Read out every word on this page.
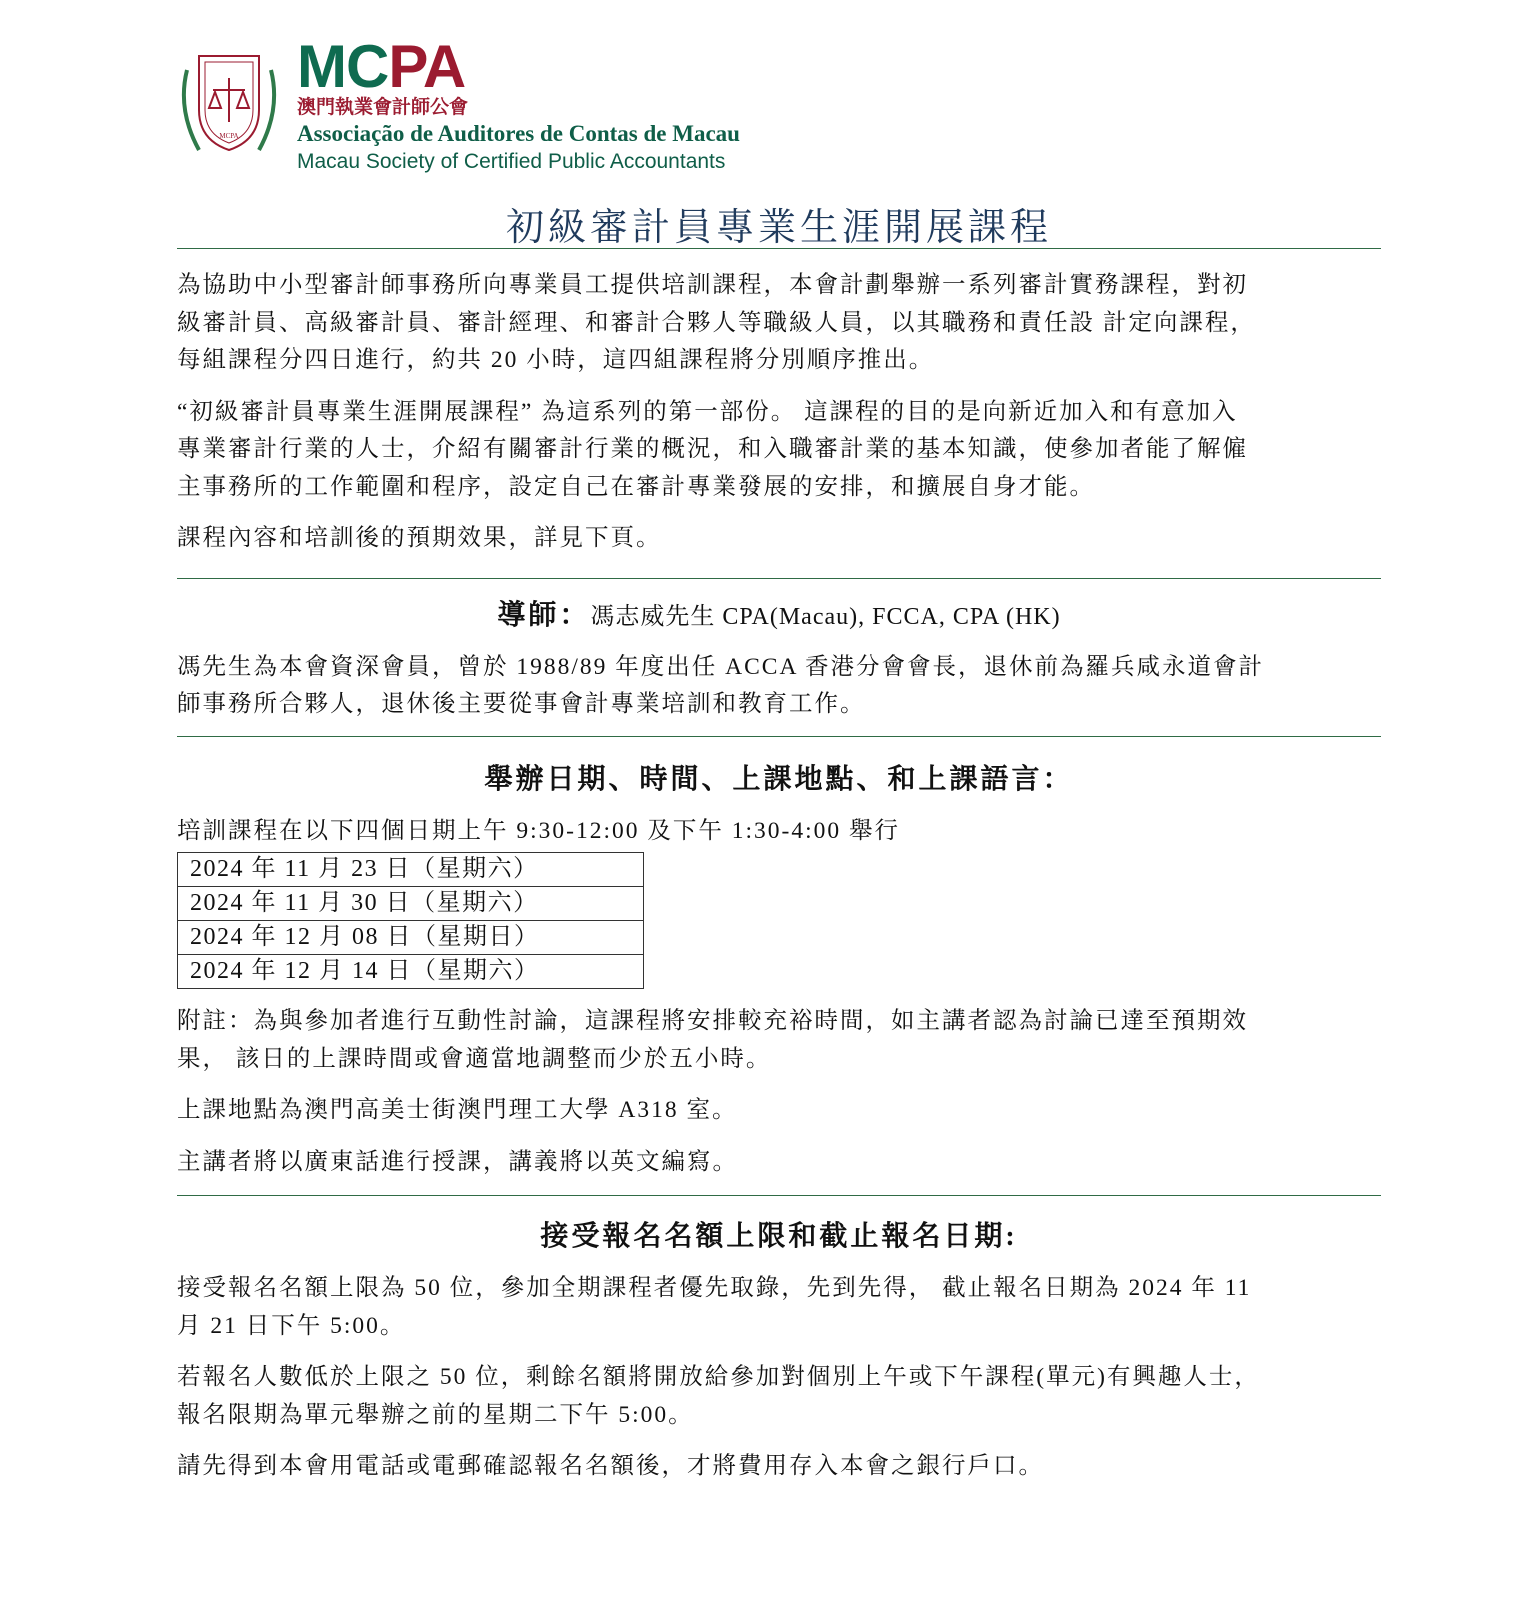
MCPA
MCPA
澳門執業會計師公會
Associação de Auditores de Contas de Macau
Macau Society of Certified Public Accountants
初級審計員專業生涯開展課程

為協助中小型審計師事務所向專業員工提供培訓課程，本會計劃舉辦一系列審計實務課程，對初

級審計員、高級審計員、審計經理、和審計合夥人等職級人員，以其職務和責任設 計定向課程，

每組課程分四日進行，約共 20 小時，這四組課程將分別順序推出。

“初級審計員專業生涯開展課程” 為這系列的第一部份。 這課程的目的是向新近加入和有意加入

專業審計行業的人士，介紹有關審計行業的概況，和入職審計業的基本知識，使參加者能了解僱

主事務所的工作範圍和程序，設定自己在審計專業發展的安排，和擴展自身才能。

課程內容和培訓後的預期效果，詳見下頁。

導師：馮志威先生 CPA(Macau), FCCA, CPA (HK)

馮先生為本會資深會員，曾於 1988/89 年度出任 ACCA 香港分會會長，退休前為羅兵咸永道會計

師事務所合夥人，退休後主要從事會計專業培訓和教育工作。

舉辦日期、時間、上課地點、和上課語言：

培訓課程在以下四個日期上午 9:30-12:00 及下午 1:30-4:00 舉行

2024 年 11 月 23 日（星期六）
2024 年 11 月 30 日（星期六）
2024 年 12 月 08 日（星期日）
2024 年 12 月 14 日（星期六）

附註：為與參加者進行互動性討論，這課程將安排較充裕時間，如主講者認為討論已達至預期效

果， 該日的上課時間或會適當地調整而少於五小時。

上課地點為澳門高美士街澳門理工大學 A318 室。

主講者將以廣東話進行授課，講義將以英文編寫。

接受報名名額上限和截止報名日期:

接受報名名額上限為 50 位，參加全期課程者優先取錄，先到先得， 截止報名日期為 2024 年 11

月 21 日下午 5:00。

若報名人數低於上限之 50 位，剩餘名額將開放給參加對個別上午或下午課程(單元)有興趣人士，

報名限期為單元舉辦之前的星期二下午 5:00。

請先得到本會用電話或電郵確認報名名額後，才將費用存入本會之銀行戶口。
